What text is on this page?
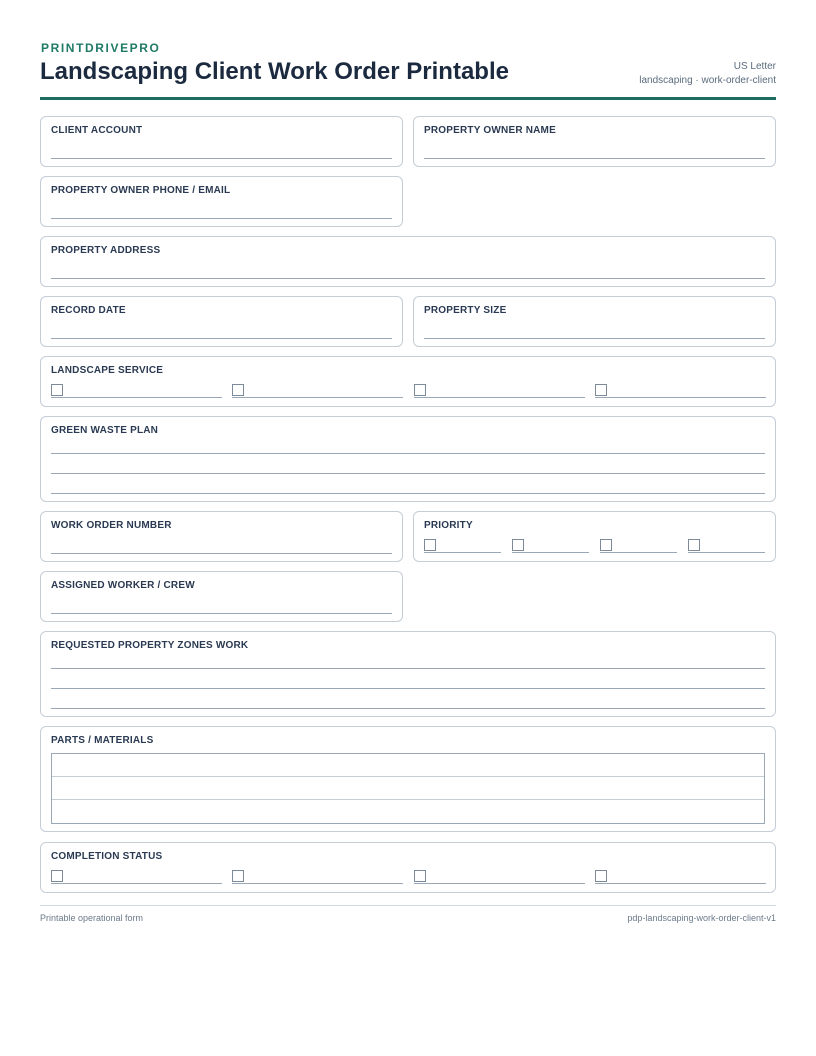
PRINTDRIVEPRO
Landscaping Client Work Order Printable	US Letter
landscaping · work-order-client
CLIENT ACCOUNT	PROPERTY OWNER NAME
PROPERTY OWNER PHONE / EMAIL
PROPERTY ADDRESS
RECORD DATE	PROPERTY SIZE
LANDSCAPE SERVICE
GREEN WASTE PLAN
WORK ORDER NUMBER	PRIORITY
ASSIGNED WORKER / CREW
REQUESTED PROPERTY ZONES WORK
PARTS / MATERIALS
COMPLETION STATUS
Printable operational form	pdp-landscaping-work-order-client-v1
